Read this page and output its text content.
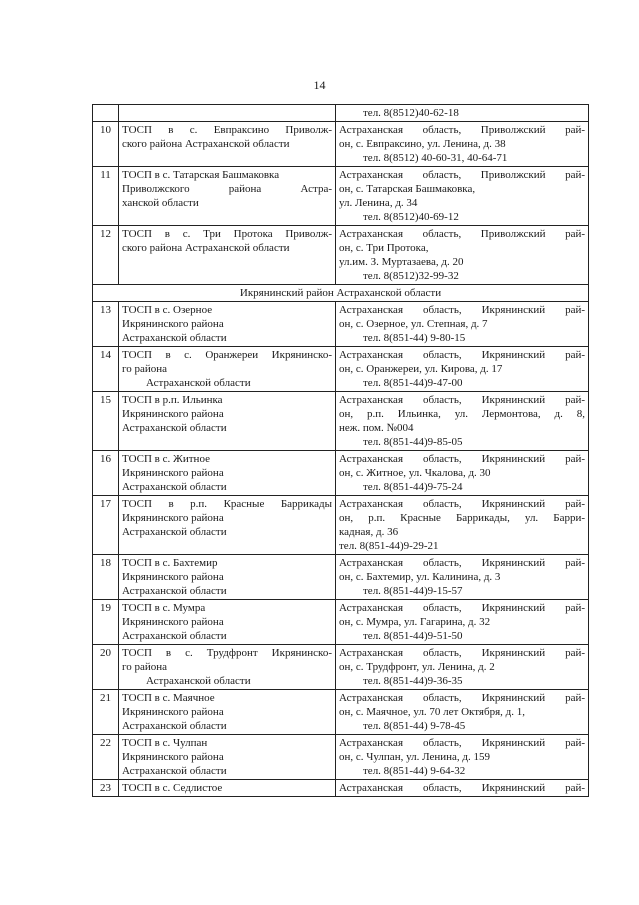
14

		тел. 8(8512)40-62-18

10	ТОСП в с. Евпраксино Приволж-
ского района Астраханской области	Астраханская область, Приволжский рай-
он, с. Евпраксино, ул. Ленина, д. 38
тел. 8(8512) 40-60-31, 40-64-71

11	ТОСП в с. Татарская Башмаковка
Приволжского района Астра-
ханской области	Астраханская область, Приволжский рай-
он, с. Татарская Башмаковка,
ул. Ленина, д. 34
тел. 8(8512)40-69-12

12	ТОСП в с. Три Протока Приволж-
ского района Астраханской области	Астраханская область, Приволжский рай-
он, с. Три Протока,
ул.им. З. Муртазаева, д. 20
тел. 8(8512)32-99-32

Икрянинский район Астраханской области		
13	ТОСП в с. Озерное
Икрянинского района
Астраханской области	Астраханская область, Икрянинский рай-
он, с. Озерное, ул. Степная, д. 7
тел. 8(851-44) 9-80-15

14	ТОСП в с. Оранжереи Икрянинско-
го района
Астраханской области	Астраханская область, Икрянинский рай-
он, с. Оранжереи, ул. Кирова, д. 17
тел. 8(851-44)9-47-00

15	ТОСП в р.п. Ильинка
Икрянинского района
Астраханской области	Астраханская область, Икрянинский рай-
он, р.п. Ильинка, ул. Лермонтова, д. 8,
неж. пом. №004
тел. 8(851-44)9-85-05

16	ТОСП в с. Житное
Икрянинского района
Астраханской области	Астраханская область, Икрянинский рай-
он, с. Житное, ул. Чкалова, д. 30
тел. 8(851-44)9-75-24

17	ТОСП в р.п. Красные Баррикады
Икрянинского района
Астраханской области	Астраханская область, Икрянинский рай-
он, р.п. Красные Баррикады, ул. Барри-
кадная, д. 36
тел. 8(851-44)9-29-21

18	ТОСП в с. Бахтемир
Икрянинского района
Астраханской области	Астраханская область, Икрянинский рай-
он, с. Бахтемир, ул. Калинина, д. 3
тел. 8(851-44)9-15-57

19	ТОСП в с. Мумра
Икрянинского района
Астраханской области	Астраханская область, Икрянинский рай-
он, с. Мумра, ул. Гагарина, д. 32
тел. 8(851-44)9-51-50

20	ТОСП в с. Трудфронт Икрянинско-
го района
Астраханской области	Астраханская область, Икрянинский рай-
он, с. Трудфронт, ул. Ленина, д. 2
тел. 8(851-44)9-36-35

21	ТОСП в с. Маячное
Икрянинского района
Астраханской области	Астраханская область, Икрянинский рай-
он, с. Маячное, ул. 70 лет Октября, д. 1,
тел. 8(851-44) 9-78-45

22	ТОСП в с. Чулпан
Икрянинского района
Астраханской области	Астраханская область, Икрянинский рай-
он, с. Чулпан, ул. Ленина, д. 159
тел. 8(851-44) 9-64-32

23	ТОСП в с. Седлистое	Астраханская область, Икрянинский рай-
